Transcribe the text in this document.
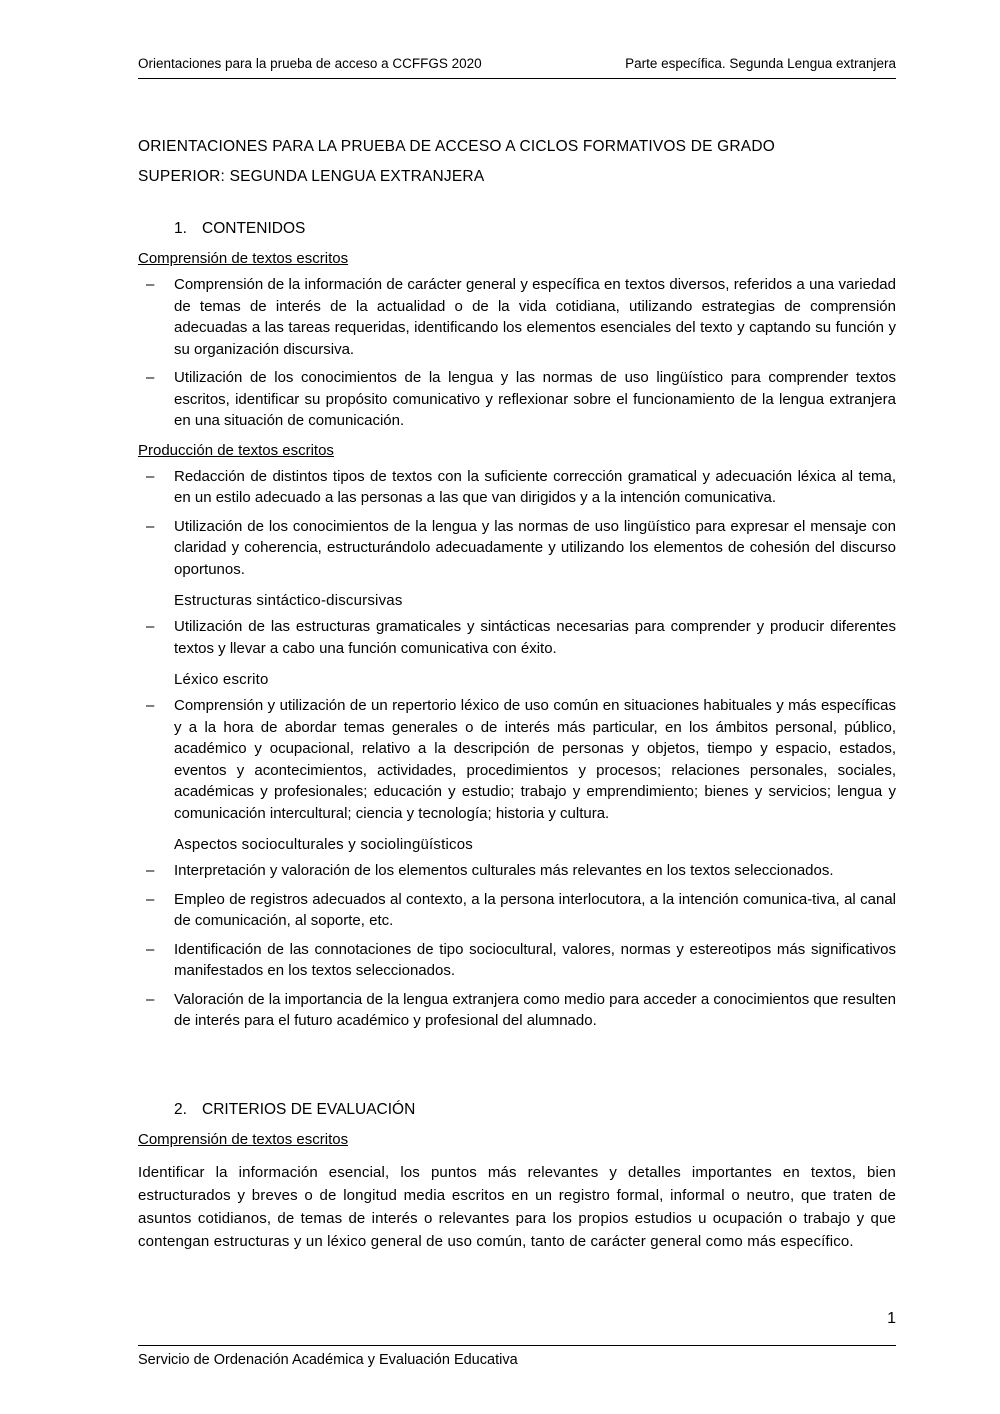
Orientaciones para la prueba de acceso a CCFFGS 2020	Parte específica. Segunda Lengua extranjera
ORIENTACIONES PARA LA PRUEBA DE ACCESO A CICLOS FORMATIVOS DE GRADO
SUPERIOR: SEGUNDA LENGUA EXTRANJERA
1. CONTENIDOS
Comprensión de textos escritos
– Comprensión de la información de carácter general y específica en textos diversos, referidos a una variedad de temas de interés de la actualidad o de la vida cotidiana, utilizando estrategias de comprensión adecuadas a las tareas requeridas, identificando los elementos esenciales del texto y captando su función y su organización discursiva.
– Utilización de los conocimientos de la lengua y las normas de uso lingüístico para comprender textos escritos, identificar su propósito comunicativo y reflexionar sobre el funcionamiento de la lengua extranjera en una situación de comunicación.
Producción de textos escritos
– Redacción de distintos tipos de textos con la suficiente corrección gramatical y adecuación léxica al tema, en un estilo adecuado a las personas a las que van dirigidos y a la intención comunicativa.
– Utilización de los conocimientos de la lengua y las normas de uso lingüístico para expresar el mensaje con claridad y coherencia, estructurándolo adecuadamente y utilizando los elementos de cohesión del discurso oportunos.
Estructuras sintáctico-discursivas
– Utilización de las estructuras gramaticales y sintácticas necesarias para comprender y producir diferentes textos y llevar a cabo una función comunicativa con éxito.
Léxico escrito
– Comprensión y utilización de un repertorio léxico de uso común en situaciones habituales y más específicas y a la hora de abordar temas generales o de interés más particular, en los ámbitos personal, público, académico y ocupacional, relativo a la descripción de personas y objetos, tiempo y espacio, estados, eventos y acontecimientos, actividades, procedimientos y procesos; relaciones personales, sociales, académicas y profesionales; educación y estudio; trabajo y emprendimiento; bienes y servicios; lengua y comunicación intercultural; ciencia y tecnología; historia y cultura.
Aspectos socioculturales y sociolingüísticos
– Interpretación y valoración de los elementos culturales más relevantes en los textos seleccionados.
– Empleo de registros adecuados al contexto, a la persona interlocutora, a la intención comunica-tiva, al canal de comunicación, al soporte, etc.
– Identificación de las connotaciones de tipo sociocultural, valores, normas y estereotipos más significativos manifestados en los textos seleccionados.
– Valoración de la importancia de la lengua extranjera como medio para acceder a conocimientos que resulten de interés para el futuro académico y profesional del alumnado.
2. CRITERIOS DE EVALUACIÓN
Comprensión de textos escritos
Identificar la información esencial, los puntos más relevantes y detalles importantes en textos, bien estructurados y breves o de longitud media escritos en un registro formal, informal o neutro, que traten de asuntos cotidianos, de temas de interés o relevantes para los propios estudios u ocupación o trabajo y que contengan estructuras y un léxico general de uso común, tanto de carácter general como más específico.
1
Servicio de Ordenación Académica y Evaluación Educativa
